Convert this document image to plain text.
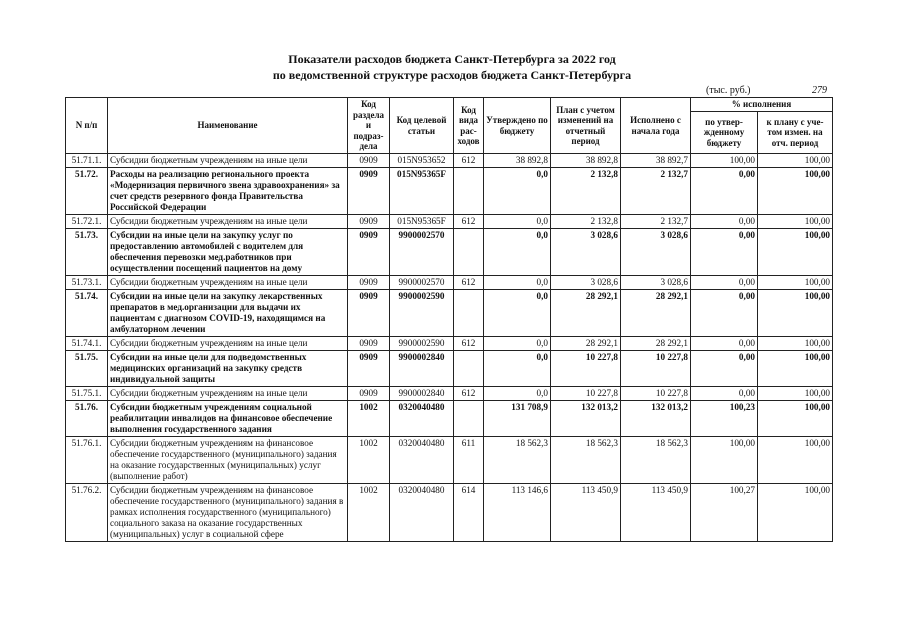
Показатели расходов бюджета Санкт-Петербурга за 2022 год
по ведомственной структуре расходов бюджета Санкт-Петербурга
(тыс. руб.)	279
N п/п	Наименование	Код раздела и подраз-дела	Код целевой статьи	Код вида рас-ходов	Утверждено по бюджету	План с учетом изменений на отчетный период	Исполнено с начала года	% исполнения	
								по утвер-жденному бюджету	к плану с уче-том измен. на отч. период
51.71.1.	Субсидии бюджетным учреждениям на иные цели	0909	015N953652	612	38 892,8	38 892,8	38 892,7	100,00	100,00
51.72.	Расходы на реализацию регионального проекта «Модернизация первичного звена здравоохранения» за счет средств резервного фонда Правительства Российской Федерации	0909	015N95365F		0,0	2 132,8	2 132,7	0,00	100,00
51.72.1.	Субсидии бюджетным учреждениям на иные цели	0909	015N95365F	612	0,0	2 132,8	2 132,7	0,00	100,00
51.73.	Субсидии на иные цели на закупку услуг по предоставлению автомобилей с водителем для обеспечения перевозки мед.работников при осуществлении посещений пациентов на дому	0909	9900002570		0,0	3 028,6	3 028,6	0,00	100,00
51.73.1.	Субсидии бюджетным учреждениям на иные цели	0909	9900002570	612	0,0	3 028,6	3 028,6	0,00	100,00
51.74.	Субсидии на иные цели на закупку лекарственных препаратов в мед.организации для выдачи их пациентам с диагнозом COVID-19, находящимся на амбулаторном лечении	0909	9900002590		0,0	28 292,1	28 292,1	0,00	100,00
51.74.1.	Субсидии бюджетным учреждениям на иные цели	0909	9900002590	612	0,0	28 292,1	28 292,1	0,00	100,00
51.75.	Субсидии на иные цели для подведомственных медицинских организаций на закупку средств индивидуальной защиты	0909	9900002840		0,0	10 227,8	10 227,8	0,00	100,00
51.75.1.	Субсидии бюджетным учреждениям на иные цели	0909	9900002840	612	0,0	10 227,8	10 227,8	0,00	100,00
51.76.	Субсидии бюджетным учреждениям социальной реабилитации инвалидов на финансовое обеспечение выполнения государственного задания	1002	0320040480		131 708,9	132 013,2	132 013,2	100,23	100,00
51.76.1.	Субсидии бюджетным учреждениям на финансовое обеспечение государственного (муниципального) задания на оказание государственных (муниципальных) услуг (выполнение работ)	1002	0320040480	611	18 562,3	18 562,3	18 562,3	100,00	100,00
51.76.2.	Субсидии бюджетным учреждениям на финансовое обеспечение государственного (муниципального) задания в рамках исполнения государственного (муниципального) социального заказа на оказание государственных (муниципальных) услуг в социальной сфере	1002	0320040480	614	113 146,6	113 450,9	113 450,9	100,27	100,00
